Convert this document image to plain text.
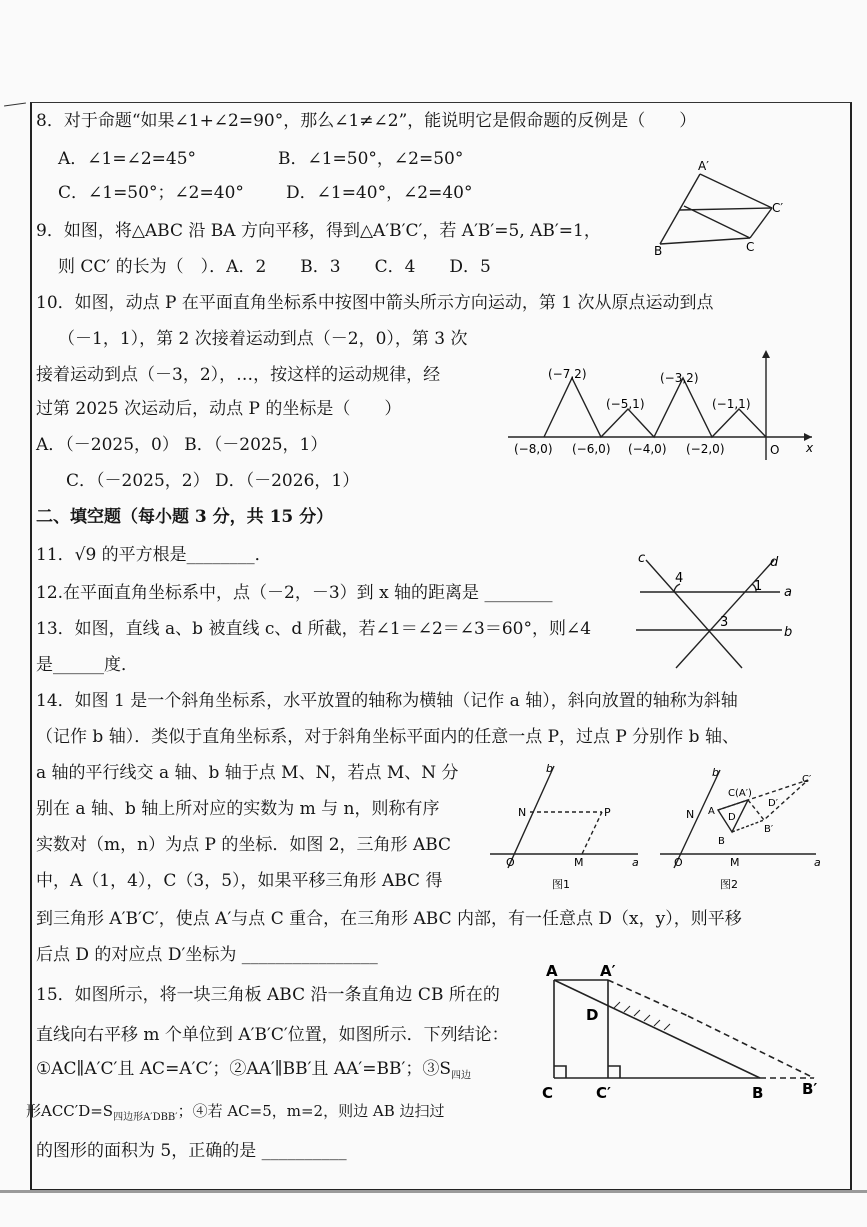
8．对于命题“如果∠1+∠2=90°，那么∠1≠∠2”，能说明它是假命题的反例是（　　）
A．∠1=∠2=45°	B．∠1=50°，∠2=50°
C．∠1=50°；∠2=40° D．∠1=40°，∠2=40°
9．如图，将△ABC 沿 BA 方向平移，得到△A′B′C′，若 A′B′=5, AB′=1，
则 CC′ 的长为（　）．A．2　　B．3　　C．4　　D．5
A′
C′
B	C
10．如图，动点 P 在平面直角坐标系中按图中箭头所示方向运动，第 1 次从原点运动到点
（－1，1），第 2 次接着运动到点（－2，0），第 3 次
接着运动到点（－3，2），…，按这样的运动规律，经
过第 2025 次运动后，动点 P 的坐标是（　　）
A．（－2025，0） B．（－2025，1）
C．（－2025，2） D．（－2026，1）
(−7,2)
(−5,1)
(−3,2)
(−1,1)
(−8,0) (−6,0) (−4,0) (−2,0)	O x
二、填空题（每小题 3 分，共 15 分）
11．√9 的平方根是________．
12.在平面直角坐标系中，点（－2，－3）到 x 轴的距离是 ________
13．如图，直线 a、b 被直线 c、d 所截，若∠1＝∠2＝∠3＝60°，则∠4
是______度．
c	d
4
1 a
3
b
14．如图 1 是一个斜角坐标系，水平放置的轴称为横轴（记作 a 轴），斜向放置的轴称为斜轴
（记作 b 轴）．类似于直角坐标系，对于斜角坐标平面内的任意一点 P，过点 P 分别作 b 轴、
a 轴的平行线交 a 轴、b 轴于点 M、N，若点 M、N 分
别在 a 轴、b 轴上所对应的实数为 m 与 n，则称有序
实数对（m，n）为点 P 的坐标．如图 2，三角形 ABC
中，A（1，4），C（3，5），如果平移三角形 ABC 得
到三角形 A′B′C′，使点 A′与点 C 重合，在三角形 ABC 内部，有一任意点 D（x，y），则平移
后点 D 的对应点 D′坐标为 ________________
b
N	P
O	M	a
图1
b
C(A′)
C′
N A
D
D′
B
B′
O	M	a
图2
15．如图所示，将一块三角板 ABC 沿一条直角边 CB 所在的
直线向右平移 m 个单位到 A′B′C′位置，如图所示．下列结论：
①AC∥A′C′且 AC=A′C′；②AA′∥BB′且 AA′=BB′；$③S_{四边}$
形$ACC'D=S_{四边形A'DBB'}$；④若 AC=5，m=2，则边 AB 边扫过
的图形的面积为 5，正确的是 __________
A	A′
D
C	C′	B	B′
